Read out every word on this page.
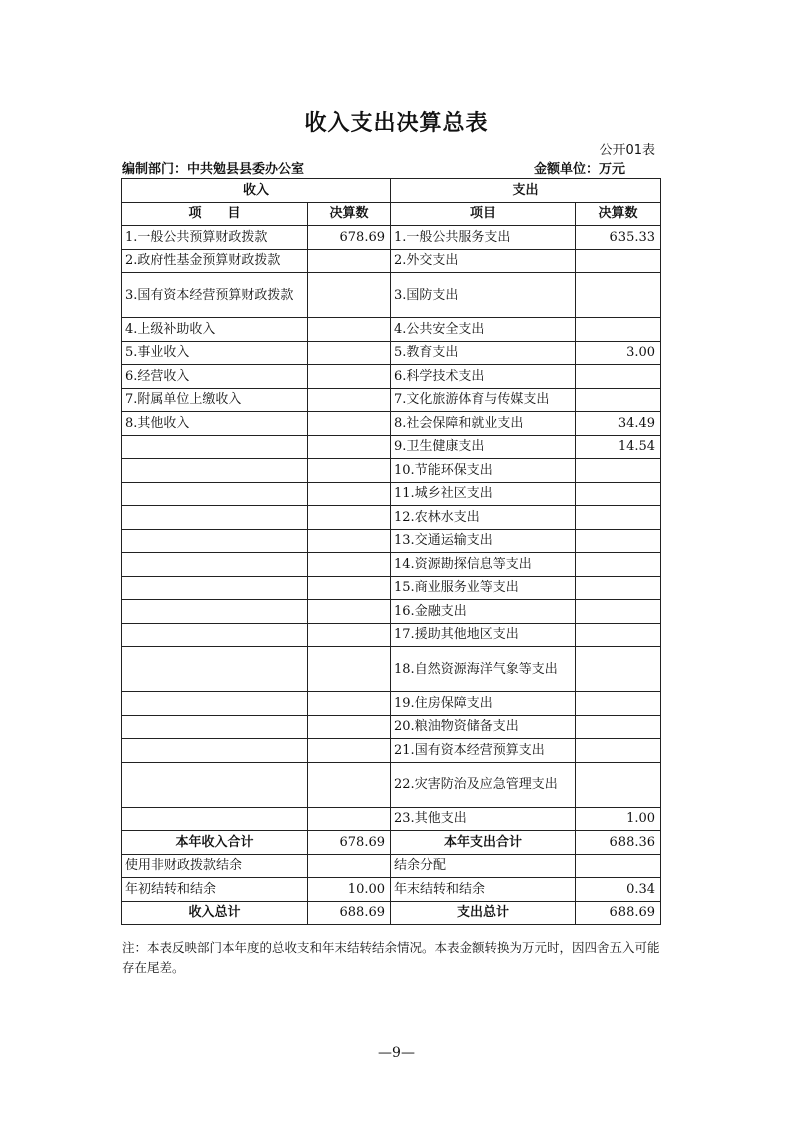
收入支出决算总表
公开01表
编制部门：中共勉县县委办公室	金额单位：万元
收入		支出	
项　　目	决算数	项目	决算数
1.一般公共预算财政拨款	678.69	1.一般公共服务支出	635.33
2.政府性基金预算财政拨款		2.外交支出	
3.国有资本经营预算财政拨款		3.国防支出	
4.上级补助收入		4.公共安全支出	
5.事业收入		5.教育支出	3.00
6.经营收入		6.科学技术支出	
7.附属单位上缴收入		7.文化旅游体育与传媒支出	
8.其他收入		8.社会保障和就业支出	34.49
		9.卫生健康支出	14.54
		10.节能环保支出	
		11.城乡社区支出	
		12.农林水支出	
		13.交通运输支出	
		14.资源勘探信息等支出	
		15.商业服务业等支出	
		16.金融支出	
		17.援助其他地区支出	
		18.自然资源海洋气象等支出	
		19.住房保障支出	
		20.粮油物资储备支出	
		21.国有资本经营预算支出	
		22.灾害防治及应急管理支出	
		23.其他支出	1.00
本年收入合计	678.69	本年支出合计	688.36
使用非财政拨款结余		结余分配	
年初结转和结余	10.00	年末结转和结余	0.34
收入总计	688.69	支出总计	688.69
注：本表反映部门本年度的总收支和年末结转结余情况。本表金额转换为万元时，因四舍五入可能存在尾差。
—9—
